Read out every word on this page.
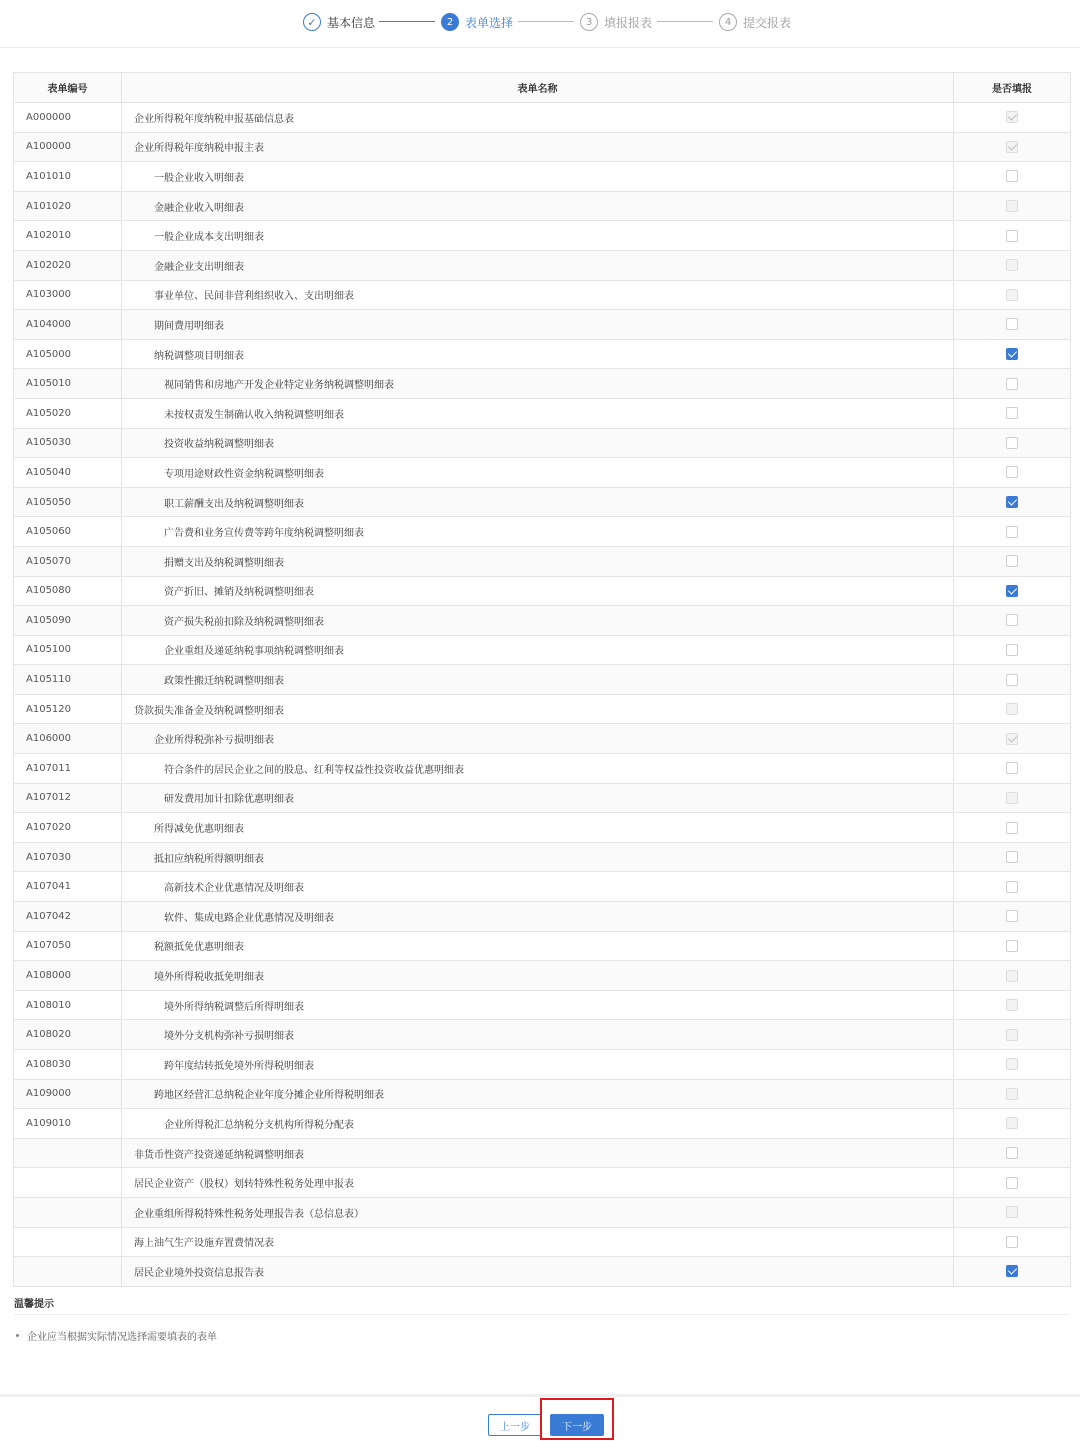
✓ 基本信息	2 表单选择	3 填报报表	4 提交报表
表单编号	表单名称	是否填报
A000000	企业所得税年度纳税申报基础信息表	
A100000	企业所得税年度纳税申报主表	
A101010	一般企业收入明细表	
A101020	金融企业收入明细表	
A102010	一般企业成本支出明细表	
A102020	金融企业支出明细表	
A103000	事业单位、民间非营利组织收入、支出明细表	
A104000	期间费用明细表	
A105000	纳税调整项目明细表	
A105010	视同销售和房地产开发企业特定业务纳税调整明细表	
A105020	未按权责发生制确认收入纳税调整明细表	
A105030	投资收益纳税调整明细表	
A105040	专项用途财政性资金纳税调整明细表	
A105050	职工薪酬支出及纳税调整明细表	
A105060	广告费和业务宣传费等跨年度纳税调整明细表	
A105070	捐赠支出及纳税调整明细表	
A105080	资产折旧、摊销及纳税调整明细表	
A105090	资产损失税前扣除及纳税调整明细表	
A105100	企业重组及递延纳税事项纳税调整明细表	
A105110	政策性搬迁纳税调整明细表	
A105120	贷款损失准备金及纳税调整明细表	
A106000	企业所得税弥补亏损明细表	
A107011	符合条件的居民企业之间的股息、红利等权益性投资收益优惠明细表	
A107012	研发费用加计扣除优惠明细表	
A107020	所得减免优惠明细表	
A107030	抵扣应纳税所得额明细表	
A107041	高新技术企业优惠情况及明细表	
A107042	软件、集成电路企业优惠情况及明细表	
A107050	税额抵免优惠明细表	
A108000	境外所得税收抵免明细表	
A108010	境外所得纳税调整后所得明细表	
A108020	境外分支机构弥补亏损明细表	
A108030	跨年度结转抵免境外所得税明细表	
A109000	跨地区经营汇总纳税企业年度分摊企业所得税明细表	
A109010	企业所得税汇总纳税分支机构所得税分配表	
	非货币性资产投资递延纳税调整明细表	
	居民企业资产（股权）划转特殊性税务处理申报表	
	企业重组所得税特殊性税务处理报告表（总信息表）	
	海上油气生产设施弃置费情况表	
	居民企业境外投资信息报告表	
温馨提示
企业应当根据实际情况选择需要填表的表单
上一步	下一步
